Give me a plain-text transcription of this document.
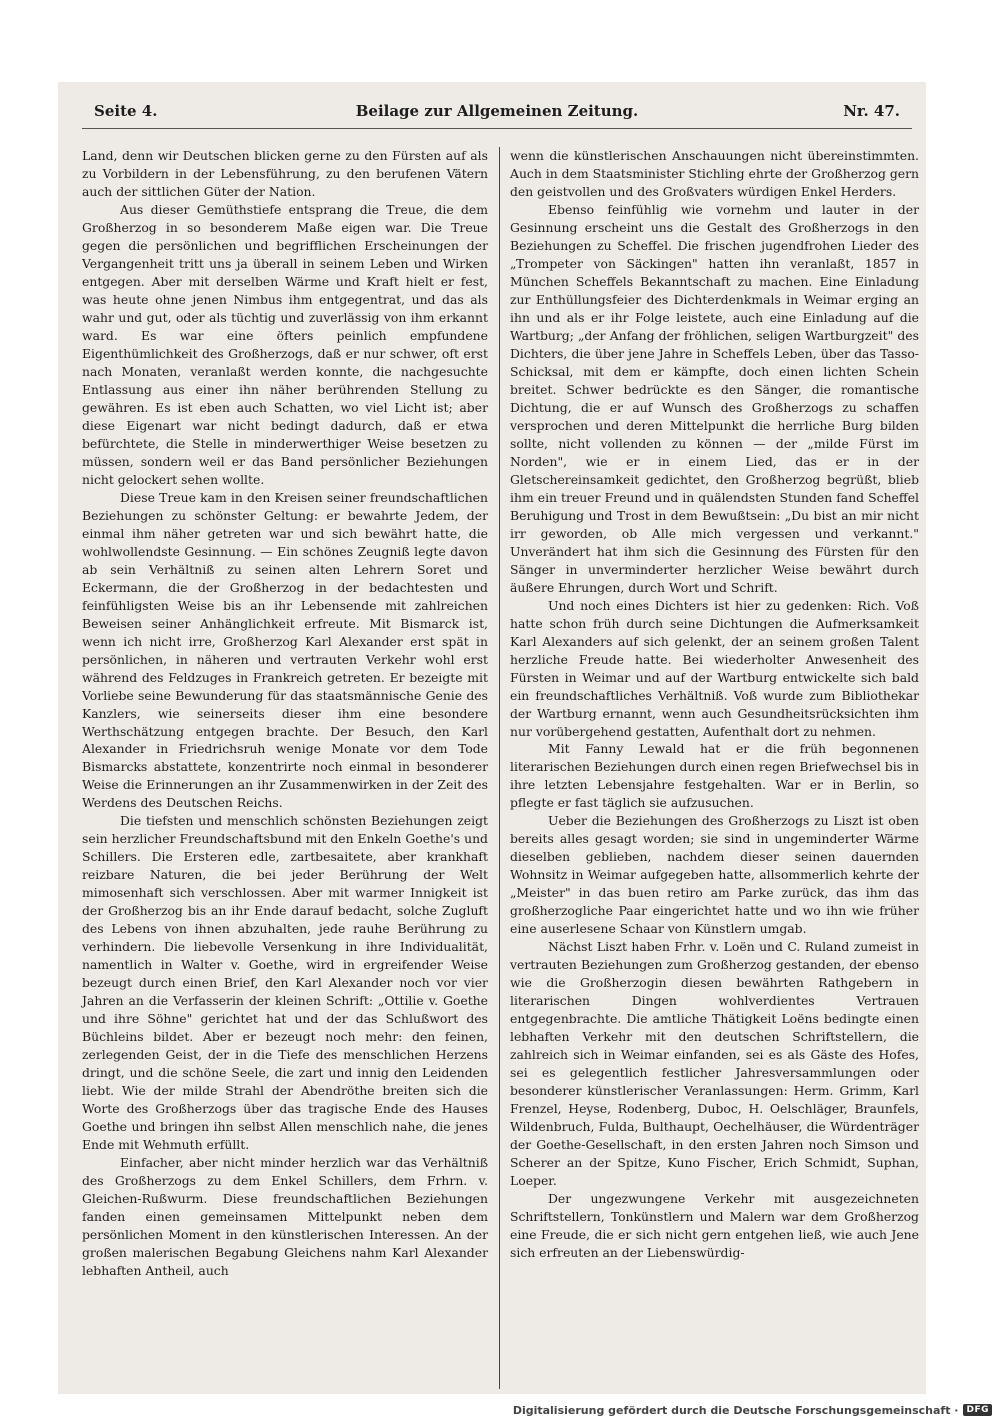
Seite 4.	Beilage zur Allgemeinen Zeitung.	Nr. 47.

Land, denn wir Deutschen blicken gerne zu den Fürsten auf als zu Vorbildern in der Lebensführung, zu den berufenen Vätern auch der sittlichen Güter der Nation.

Aus dieser Gemüthstiefe entsprang die Treue, die dem Großherzog in so besonderem Maße eigen war. Die Treue gegen die persönlichen und begrifflichen Erscheinungen der Vergangenheit tritt uns ja überall in seinem Leben und Wirken entgegen. Aber mit derselben Wärme und Kraft hielt er fest, was heute ohne jenen Nimbus ihm entgegentrat, und das als wahr und gut, oder als tüchtig und zuverlässig von ihm erkannt ward. Es war eine öfters peinlich empfundene Eigenthümlichkeit des Großherzogs, daß er nur schwer, oft erst nach Monaten, veranlaßt werden konnte, die nachgesuchte Entlassung aus einer ihn näher berührenden Stellung zu gewähren. Es ist eben auch Schatten, wo viel Licht ist; aber diese Eigenart war nicht bedingt dadurch, daß er etwa befürchtete, die Stelle in minderwerthiger Weise besetzen zu müssen, sondern weil er das Band persönlicher Beziehungen nicht gelockert sehen wollte.

Diese Treue kam in den Kreisen seiner freundschaftlichen Beziehungen zu schönster Geltung: er bewahrte Jedem, der einmal ihm näher getreten war und sich bewährt hatte, die wohlwollendste Gesinnung. — Ein schönes Zeugniß legte davon ab sein Verhältniß zu seinen alten Lehrern Soret und Eckermann, die der Großherzog in der bedachtesten und feinfühligsten Weise bis an ihr Lebensende mit zahlreichen Beweisen seiner Anhänglichkeit erfreute. Mit Bismarck ist, wenn ich nicht irre, Großherzog Karl Alexander erst spät in persönlichen, in näheren und vertrauten Verkehr wohl erst während des Feldzuges in Frankreich getreten. Er bezeigte mit Vorliebe seine Bewunderung für das staatsmännische Genie des Kanzlers, wie seinerseits dieser ihm eine besondere Werthschätzung entgegen brachte. Der Besuch, den Karl Alexander in Friedrichsruh wenige Monate vor dem Tode Bismarcks abstattete, konzentrirte noch einmal in besonderer Weise die Erinnerungen an ihr Zusammenwirken in der Zeit des Werdens des Deutschen Reichs.

Die tiefsten und menschlich schönsten Beziehungen zeigt sein herzlicher Freundschaftsbund mit den Enkeln Goethe's und Schillers. Die Ersteren edle, zartbesaitete, aber krankhaft reizbare Naturen, die bei jeder Berührung der Welt mimosenhaft sich verschlossen. Aber mit warmer Innigkeit ist der Großherzog bis an ihr Ende darauf bedacht, solche Zugluft des Lebens von ihnen abzuhalten, jede rauhe Berührung zu verhindern. Die liebevolle Versenkung in ihre Individualität, namentlich in Walter v. Goethe, wird in ergreifender Weise bezeugt durch einen Brief, den Karl Alexander noch vor vier Jahren an die Verfasserin der kleinen Schrift: „Ottilie v. Goethe und ihre Söhne" gerichtet hat und der das Schlußwort des Büchleins bildet. Aber er bezeugt noch mehr: den feinen, zerlegenden Geist, der in die Tiefe des menschlichen Herzens dringt, und die schöne Seele, die zart und innig den Leidenden liebt. Wie der milde Strahl der Abendröthe breiten sich die Worte des Großherzogs über das tragische Ende des Hauses Goethe und bringen ihn selbst Allen menschlich nahe, die jenes Ende mit Wehmuth erfüllt.

Einfacher, aber nicht minder herzlich war das Verhältniß des Großherzogs zu dem Enkel Schillers, dem Frhrn. v. Gleichen-Rußwurm. Diese freundschaftlichen Beziehungen fanden einen gemeinsamen Mittelpunkt neben dem persönlichen Moment in den künstlerischen Interessen. An der großen malerischen Begabung Gleichens nahm Karl Alexander lebhaften Antheil, auch

wenn die künstlerischen Anschauungen nicht übereinstimmten. Auch in dem Staatsminister Stichling ehrte der Großherzog gern den geistvollen und des Großvaters würdigen Enkel Herders.

Ebenso feinfühlig wie vornehm und lauter in der Gesinnung erscheint uns die Gestalt des Großherzogs in den Beziehungen zu Scheffel. Die frischen jugendfrohen Lieder des „Trompeter von Säckingen" hatten ihn veranlaßt, 1857 in München Scheffels Bekanntschaft zu machen. Eine Einladung zur Enthüllungsfeier des Dichterdenkmals in Weimar erging an ihn und als er ihr Folge leistete, auch eine Einladung auf die Wartburg; „der Anfang der fröhlichen, seligen Wartburgzeit" des Dichters, die über jene Jahre in Scheffels Leben, über das Tasso-Schicksal, mit dem er kämpfte, doch einen lichten Schein breitet. Schwer bedrückte es den Sänger, die romantische Dichtung, die er auf Wunsch des Großherzogs zu schaffen versprochen und deren Mittelpunkt die herrliche Burg bilden sollte, nicht vollenden zu können — der „milde Fürst im Norden", wie er in einem Lied, das er in der Gletschereinsamkeit gedichtet, den Großherzog begrüßt, blieb ihm ein treuer Freund und in quälendsten Stunden fand Scheffel Beruhigung und Trost in dem Bewußtsein: „Du bist an mir nicht irr geworden, ob Alle mich vergessen und verkannt." Unverändert hat ihm sich die Gesinnung des Fürsten für den Sänger in unverminderter herzlicher Weise bewährt durch äußere Ehrungen, durch Wort und Schrift.

Und noch eines Dichters ist hier zu gedenken: Rich. Voß hatte schon früh durch seine Dichtungen die Aufmerksamkeit Karl Alexanders auf sich gelenkt, der an seinem großen Talent herzliche Freude hatte. Bei wiederholter Anwesenheit des Fürsten in Weimar und auf der Wartburg entwickelte sich bald ein freundschaftliches Verhältniß. Voß wurde zum Bibliothekar der Wartburg ernannt, wenn auch Gesundheitsrücksichten ihm nur vorübergehend gestatten, Aufenthalt dort zu nehmen.

Mit Fanny Lewald hat er die früh begonnenen literarischen Beziehungen durch einen regen Briefwechsel bis in ihre letzten Lebensjahre festgehalten. War er in Berlin, so pflegte er fast täglich sie aufzusuchen.

Ueber die Beziehungen des Großherzogs zu Liszt ist oben bereits alles gesagt worden; sie sind in ungeminderter Wärme dieselben geblieben, nachdem dieser seinen dauernden Wohnsitz in Weimar aufgegeben hatte, allsommerlich kehrte der „Meister" in das buen retiro am Parke zurück, das ihm das großherzogliche Paar eingerichtet hatte und wo ihn wie früher eine auserlesene Schaar von Künstlern umgab.

Nächst Liszt haben Frhr. v. Loën und C. Ruland zumeist in vertrauten Beziehungen zum Großherzog gestanden, der ebenso wie die Großherzogin diesen bewährten Rathgebern in literarischen Dingen wohlverdientes Vertrauen entgegenbrachte. Die amtliche Thätigkeit Loëns bedingte einen lebhaften Verkehr mit den deutschen Schriftstellern, die zahlreich sich in Weimar einfanden, sei es als Gäste des Hofes, sei es gelegentlich festlicher Jahresversammlungen oder besonderer künstlerischer Veranlassungen: Herm. Grimm, Karl Frenzel, Heyse, Rodenberg, Duboc, H. Oelschläger, Braunfels, Wildenbruch, Fulda, Bulthaupt, Oechelhäuser, die Würdenträger der Goethe-Gesellschaft, in den ersten Jahren noch Simson und Scherer an der Spitze, Kuno Fischer, Erich Schmidt, Suphan, Loeper.

Der ungezwungene Verkehr mit ausgezeichneten Schriftstellern, Tonkünstlern und Malern war dem Großherzog eine Freude, die er sich nicht gern entgehen ließ, wie auch Jene sich erfreuten an der Liebenswürdig-

Digitalisierung gefördert durch die Deutsche Forschungsgemeinschaft · DFG
